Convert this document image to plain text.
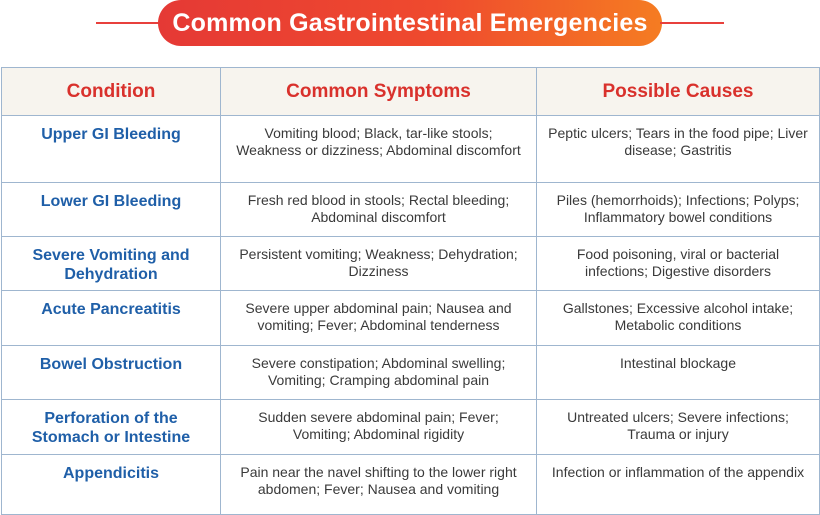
Common Gastrointestinal Emergencies
Condition	Common Symptoms	Possible Causes
Upper GI Bleeding	Vomiting blood; Black, tar-like stools; Weakness or dizziness; Abdominal discomfort	Peptic ulcers; Tears in the food pipe; Liver disease; Gastritis
Lower GI Bleeding	Fresh red blood in stools; Rectal bleeding; Abdominal discomfort	Piles (hemorrhoids); Infections; Polyps; Inflammatory bowel conditions
Severe Vomiting and Dehydration	Persistent vomiting; Weakness; Dehydration; Dizziness	Food poisoning, viral or bacterial infections; Digestive disorders
Acute Pancreatitis	Severe upper abdominal pain; Nausea and vomiting; Fever; Abdominal tenderness	Gallstones; Excessive alcohol intake; Metabolic conditions
Bowel Obstruction	Severe constipation; Abdominal swelling; Vomiting; Cramping abdominal pain	Intestinal blockage
Perforation of the Stomach or Intestine	Sudden severe abdominal pain; Fever; Vomiting; Abdominal rigidity	Untreated ulcers; Severe infections; Trauma or injury
Appendicitis	Pain near the navel shifting to the lower right abdomen; Fever; Nausea and vomiting	Infection or inflammation of the appendix
